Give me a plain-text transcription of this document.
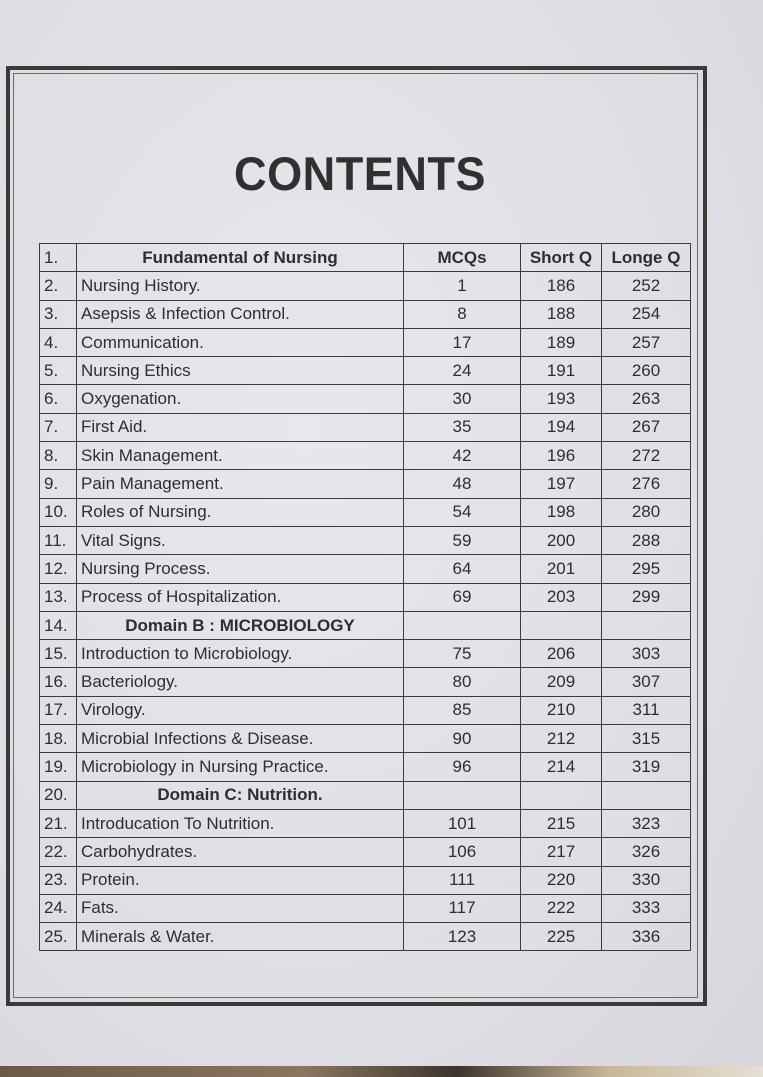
CONTENTS
1.	Fundamental of Nursing	MCQs	Short Q	Longe Q
2.	Nursing History.	1	186	252
3.	Asepsis & Infection Control.	8	188	254
4.	Communication.	17	189	257
5.	Nursing Ethics	24	191	260
6.	Oxygenation.	30	193	263
7.	First Aid.	35	194	267
8.	Skin Management.	42	196	272
9.	Pain Management.	48	197	276
10.	Roles of Nursing.	54	198	280
11.	Vital Signs.	59	200	288
12.	Nursing Process.	64	201	295
13.	Process of Hospitalization.	69	203	299
14.	Domain B : MICROBIOLOGY			
15.	Introduction to Microbiology.	75	206	303
16.	Bacteriology.	80	209	307
17.	Virology.	85	210	311
18.	Microbial Infections & Disease.	90	212	315
19.	Microbiology in Nursing Practice.	96	214	319
20.	Domain C: Nutrition.			
21.	Introducation To Nutrition.	101	215	323
22.	Carbohydrates.	106	217	326
23.	Protein.	111	220	330
24.	Fats.	117	222	333
25.	Minerals & Water.	123	225	336
